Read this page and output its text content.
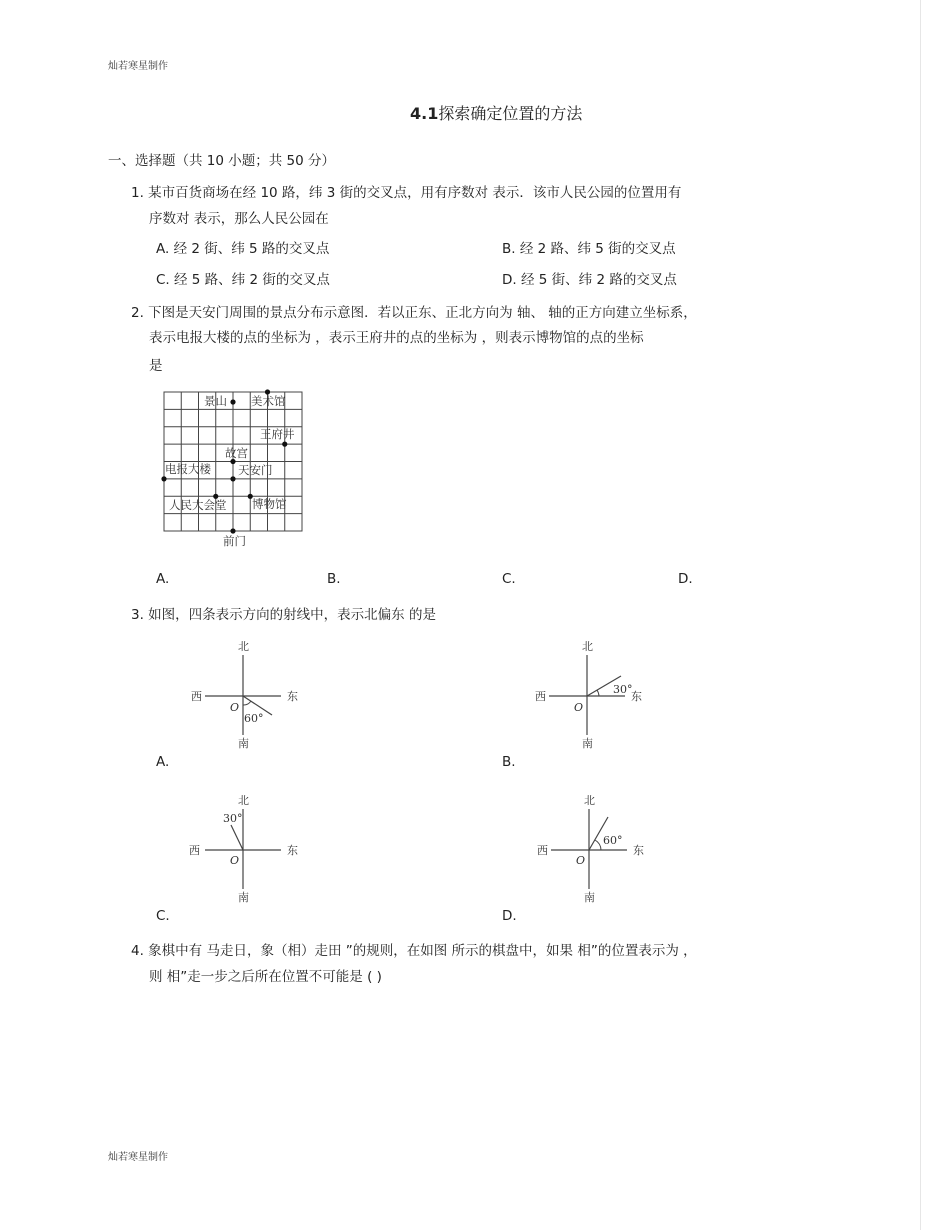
灿若寒星制作
4.1探索确定位置的方法
一、选择题（共 10 小题；共 50 分）
1. 某市百货商场在经 10 路，纬 3 街的交叉点，用有序数对 表示．该市人民公园的位置用有
序数对 表示，那么人民公园在
A. 经 2 街、纬 5 路的交叉点	B. 经 2 路、纬 5 街的交叉点
C. 经 5 路、纬 2 街的交叉点	D. 经 5 街、纬 2 路的交叉点
2. 下图是天安门周围的景点分布示意图．若以正东、正北方向为 轴、 轴的正方向建立坐标系，
表示电报大楼的点的坐标为 ，表示王府井的点的坐标为 ，则表示博物馆的点的坐标
是
景山 美术馆
王府井
故宫
电报大楼 天安门
人民大会堂 博物馆
前门
A.	B.	C.	D.
3. 如图，四条表示方向的射线中，表示北偏东 的是
北
南
东
西
O
60°
A.
北
南
东
西
O
30°
B.
北
南
东
西
O
30°
C.
北
南
东
西
O
60°
D.
4. 象棋中有 马走日，象（相）走田 ”的规则，在如图 所示的棋盘中，如果 相”的位置表示为 ，
则 相”走一步之后所在位置不可能是 ( )
灿若寒星制作
